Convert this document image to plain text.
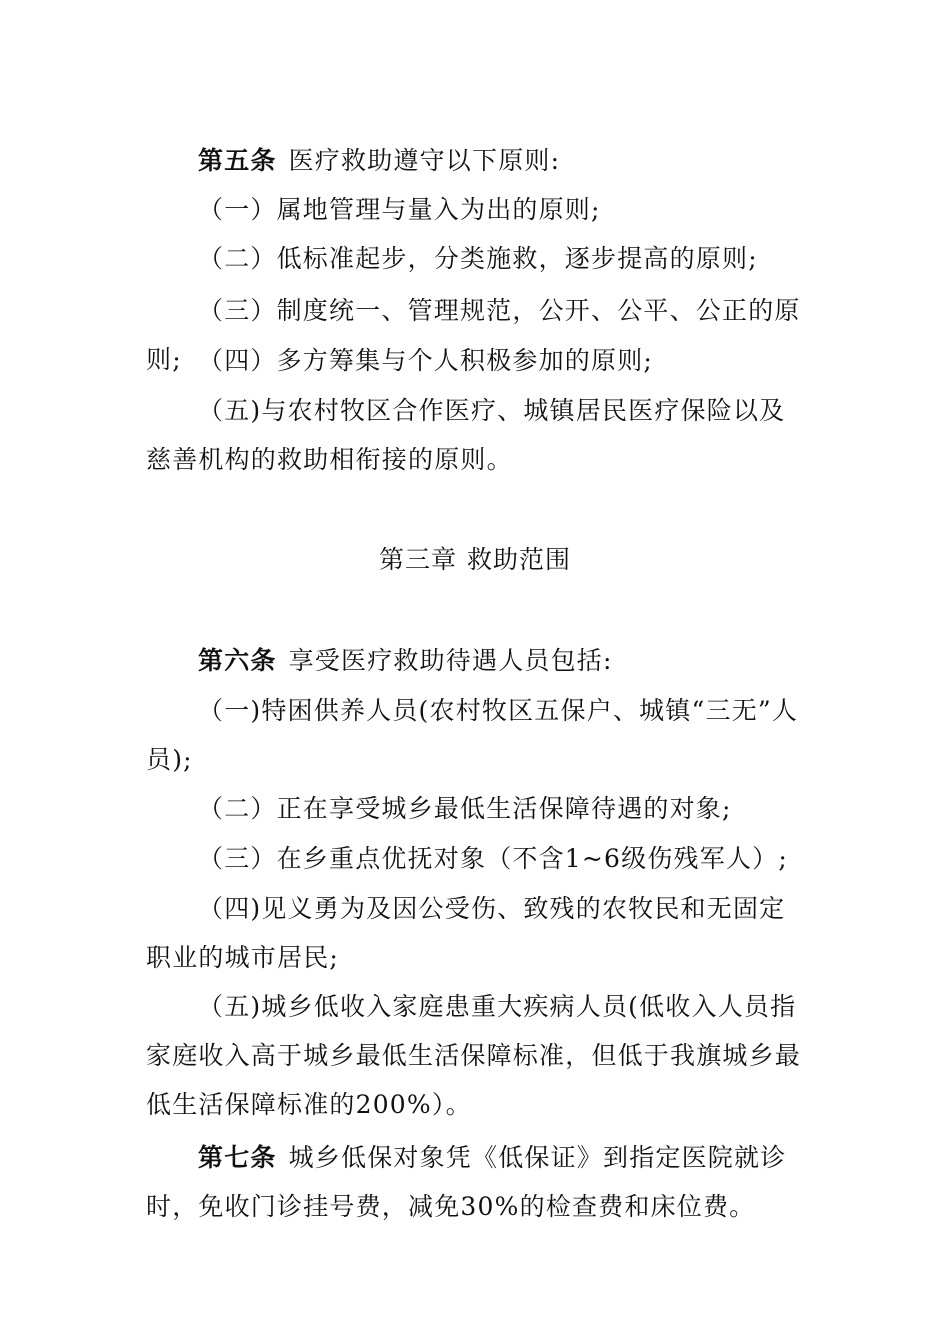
第五条 医疗救助遵守以下原则:

（一）属地管理与量入为出的原则;

（二）低标准起步，分类施救，逐步提高的原则;

（三）制度统一、管理规范，公开、公平、公正的原则; （四）多方筹集与个人积极参加的原则;

（五)与农村牧区合作医疗、城镇居民医疗保险以及慈善机构的救助相衔接的原则。

第三章 救助范围

第六条 享受医疗救助待遇人员包括:

（一)特困供养人员(农村牧区五保户、城镇“三无”人员);

（二）正在享受城乡最低生活保障待遇的对象;

（三）在乡重点优抚对象（不含1~6级伤残军人）;

（四)见义勇为及因公受伤、致残的农牧民和无固定职业的城市居民;

（五)城乡低收入家庭患重大疾病人员(低收入人员指家庭收入高于城乡最低生活保障标准，但低于我旗城乡最低生活保障标准的200%）。

第七条 城乡低保对象凭《低保证》到指定医院就诊时，免收门诊挂号费，减免30%的检查费和床位费。
